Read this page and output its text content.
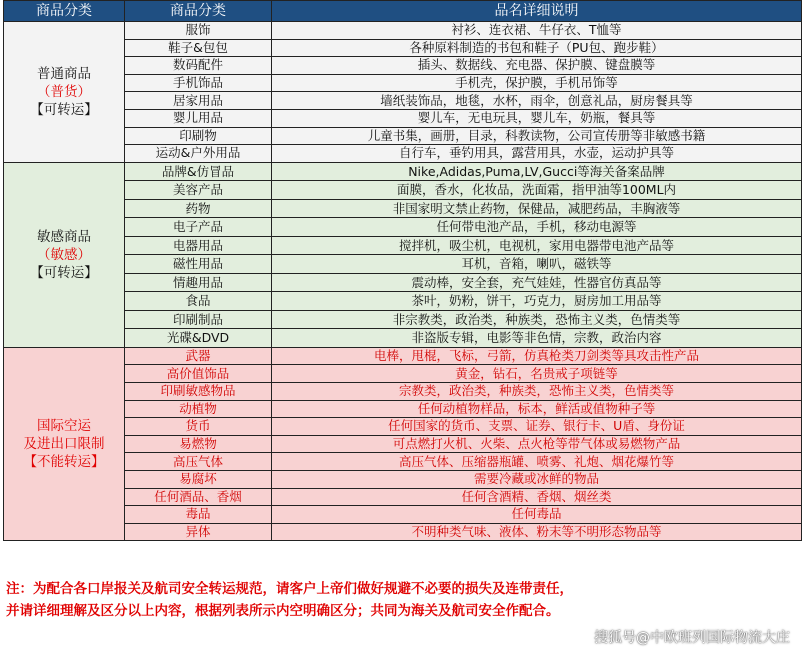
商品分类	商品分类	品名详细说明

普通商品
（普货）
【可转运】	服饰	衬衫、连衣裙、牛仔衣、T恤等
	鞋子&包包	各种原料制造的书包和鞋子（PU包、跑步鞋）
	数码配件	插头、数据线、充电器、保护膜、键盘膜等
	手机饰品	手机壳，保护膜，手机吊饰等
	居家用品	墙纸装饰品，地毯，水杯，雨伞，创意礼品，厨房餐具等
	婴儿用品	婴儿车，无电玩具，婴儿车，奶瓶，餐具等
	印刷物	儿童书集，画册，目录，科教读物，公司宣传册等非敏感书籍
	运动&户外用品	自行车，垂钓用具，露营用具，水壶，运动护具等

敏感商品
（敏感）
【可转运】	品牌&仿冒品	Nike,Adidas,Puma,LV,Gucci等海关备案品牌
	美容产品	面膜，香水，化妆品，洗面霜，指甲油等100ML内
	药物	非国家明文禁止药物，保健品，减肥药品，丰胸液等
	电子产品	任何带电池产品，手机，移动电源等
	电器用品	搅拌机，吸尘机，电视机，家用电器带电池产品等
	磁性用品	耳机，音箱，喇叭，磁铁等
	情趣用品	震动棒，安全套，充气娃娃，性器官仿真品等
	食品	茶叶，奶粉，饼干，巧克力，厨房加工用品等
	印刷制品	非宗教类，政治类，种族类，恐怖主义类，色情类等
	光碟&DVD	非盗版专辑，电影等非色情，宗教，政治内容

国际空运
及进出口限制
【不能转运】	武器	电棒，甩棍，飞标，弓箭，仿真枪类刀剑类等具攻击性产品
	高价值饰品	黄金，钻石，名贵戒子项链等
	印刷敏感物品	宗教类，政治类，种族类，恐怖主义类，色情类等
	动植物	任何动植物样品，标本，鲜活或值物种子等
	货币	任何国家的货币、支票、证券、银行卡、U盾、身份证
	易燃物	可点燃打火机、火柴、点火枪等带气体或易燃物产品
	高压气体	高压气体、压缩器瓶罐、喷雾、礼炮、烟花爆竹等
	易腐坏	需要冷藏或冰鲜的物品
	任何酒品、香烟	任何含酒精、香烟、烟丝类
	毒品	任何毒品
	异体	不明种类气味、液体、粉末等不明形态物品等
注：为配合各口岸报关及航司安全转运规范，请客户上帝们做好规避不必要的损失及连带责任，
并请详细理解及区分以上内容，根据列表所示内空明确区分；共同为海关及航司安全作配合。
搜狐号@中欧班列国际物流大庄
